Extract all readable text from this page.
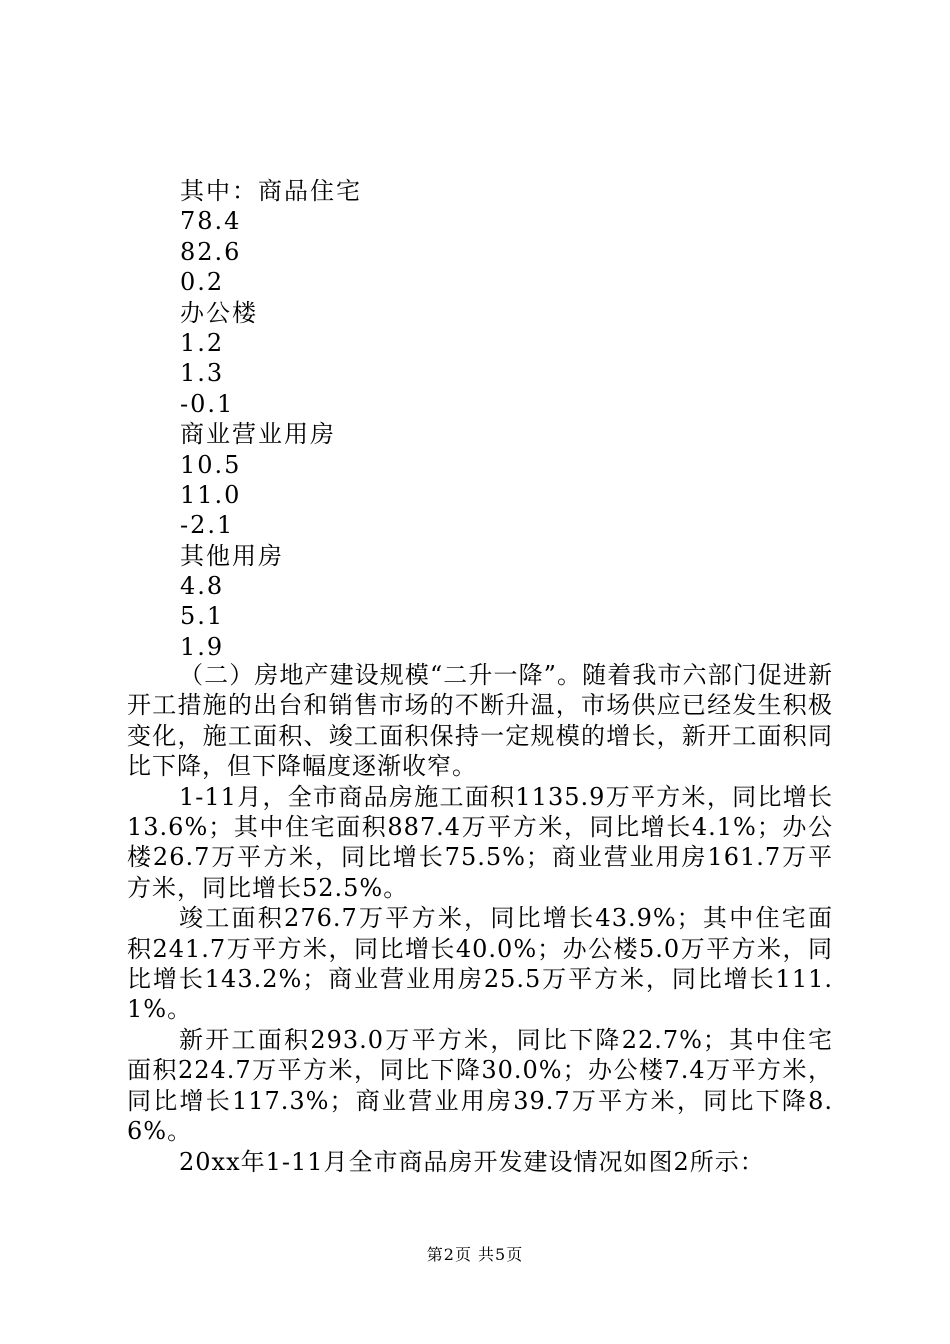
其中：商品住宅
78.4
82.6
0.2
办公楼
1.2
1.3
-0.1
商业营业用房
10.5
11.0
-2.1
其他用房
4.8
5.1
1.9

（二）房地产建设规模“二升一降”。随着我市六部门促进新开工措施的出台和销售市场的不断升温，市场供应已经发生积极变化，施工面积、竣工面积保持一定规模的增长，新开工面积同比下降，但下降幅度逐渐收窄。

1-11月，全市商品房施工面积1135.9万平方米，同比增长13.6%；其中住宅面积887.4万平方米，同比增长4.1%；办公楼26.7万平方米，同比增长75.5%；商业营业用房161.7万平方米，同比增长52.5%。

竣工面积276.7万平方米，同比增长43.9%；其中住宅面积241.7万平方米，同比增长40.0%；办公楼5.0万平方米，同比增长143.2%；商业营业用房25.5万平方米，同比增长111.1%。

新开工面积293.0万平方米，同比下降22.7%；其中住宅面积224.7万平方米，同比下降30.0%；办公楼7.4万平方米，同比增长117.3%；商业营业用房39.7万平方米，同比下降8.6%。

20xx年1-11月全市商品房开发建设情况如图2所示：

第2页 共5页
